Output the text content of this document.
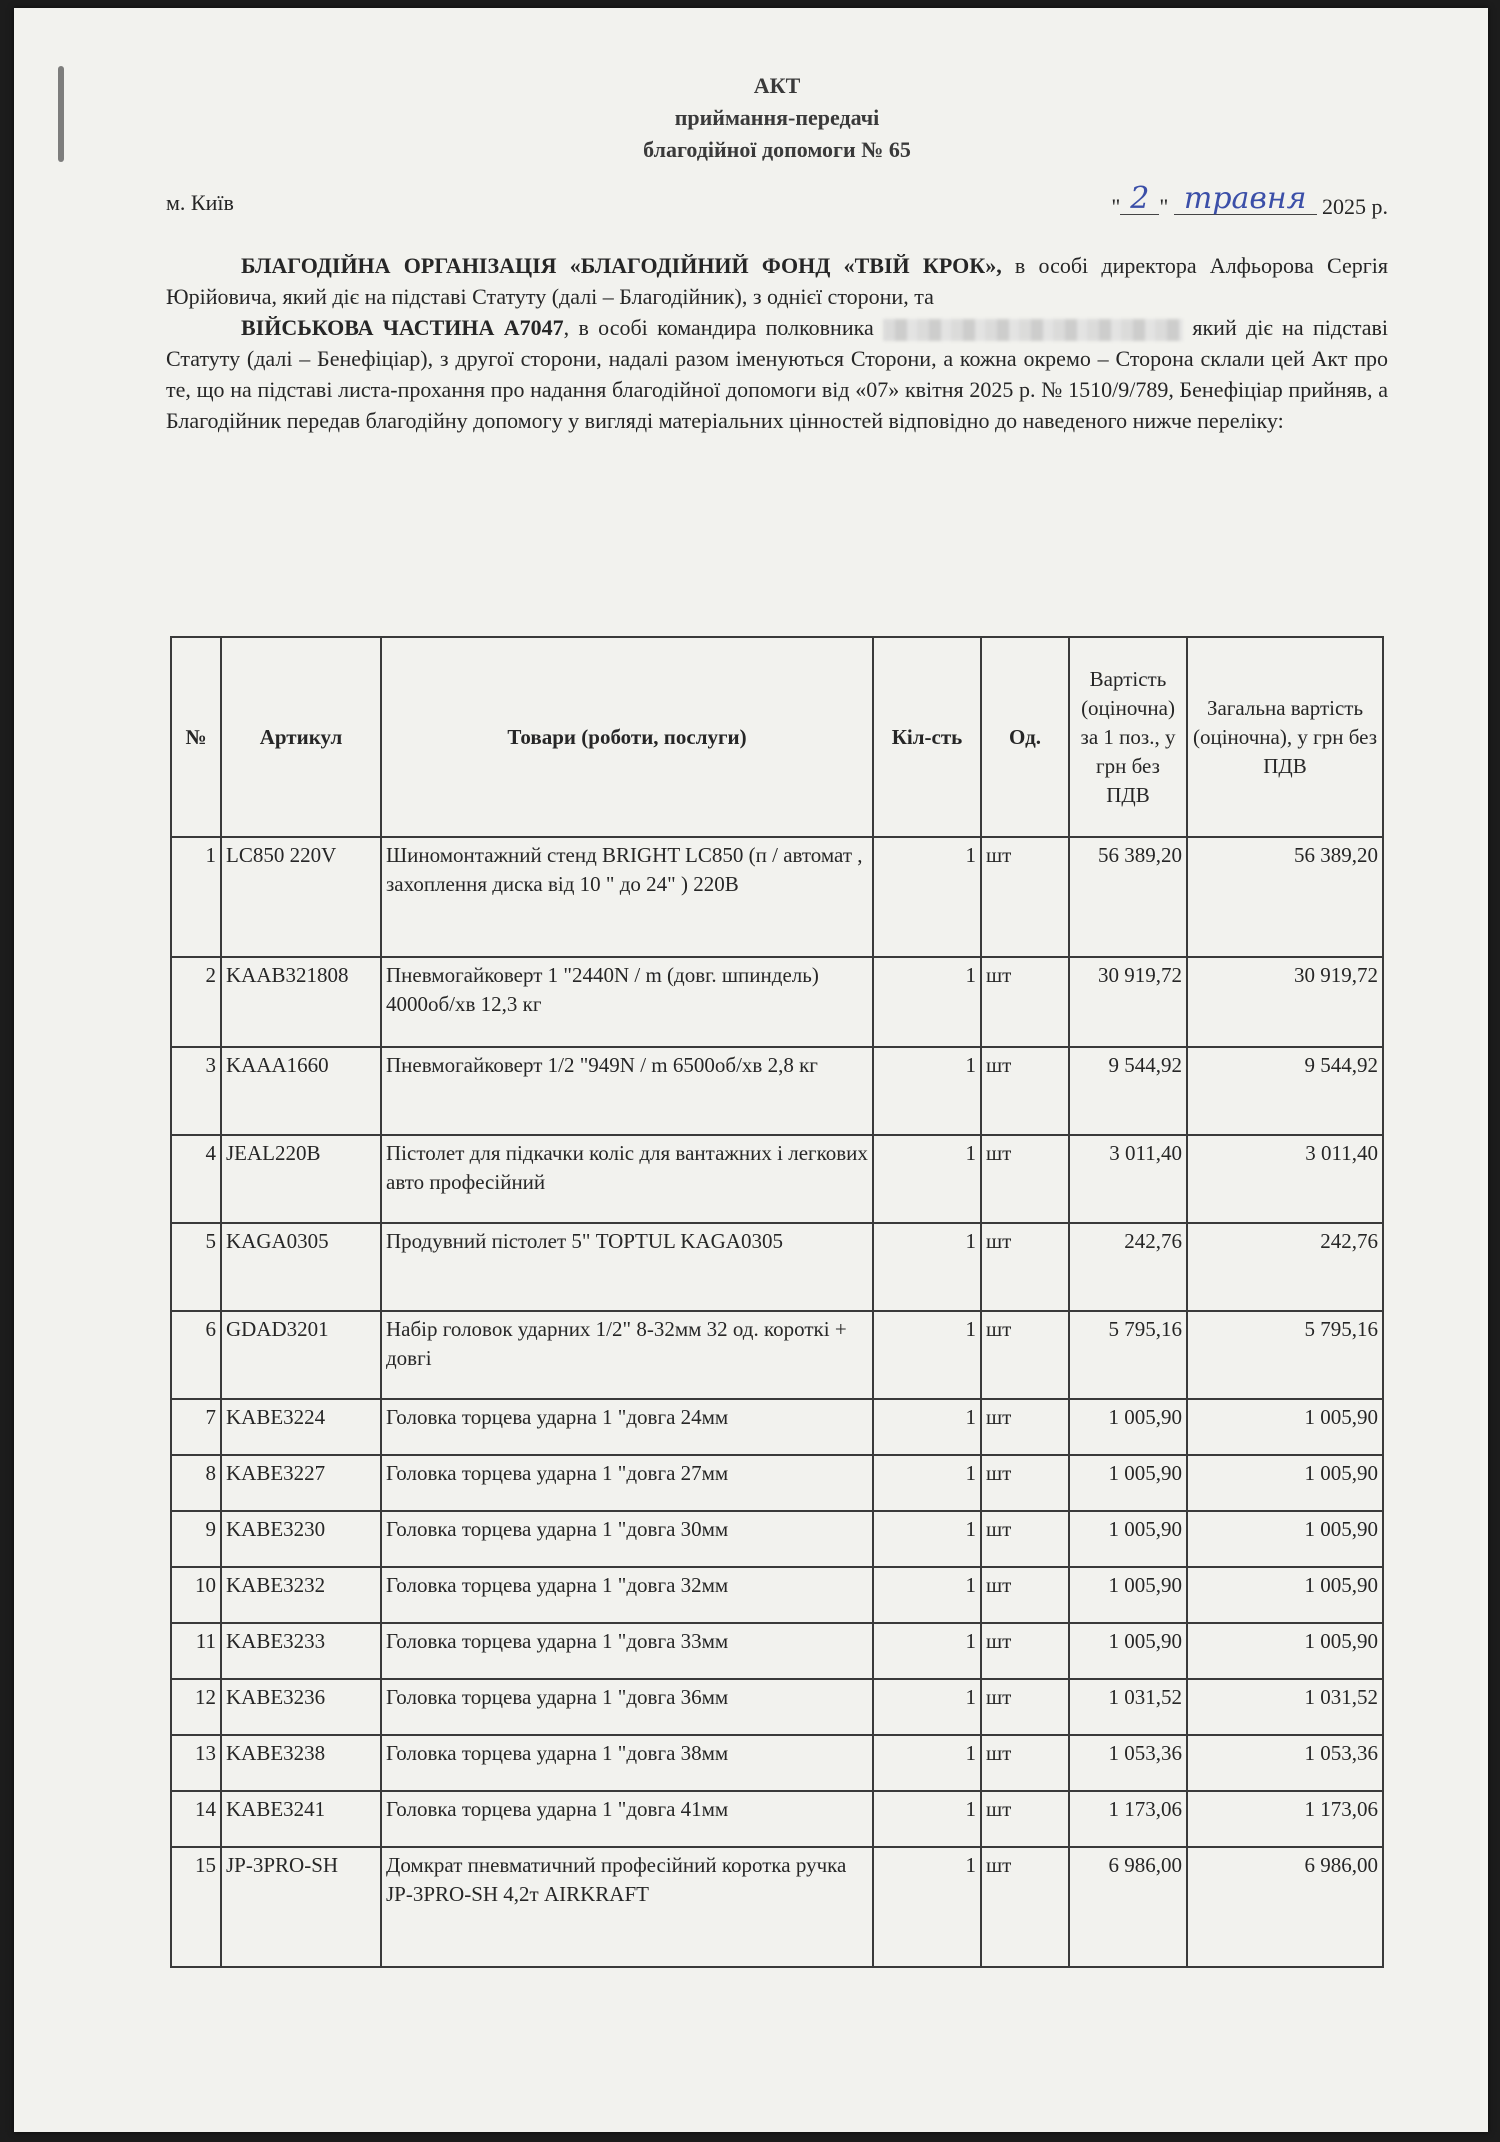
АКТ
приймання-передачі
благодійної допомоги № 65
м. Київ	" 2 " травня 2025 р.

БЛАГОДІЙНА ОРГАНІЗАЦІЯ «БЛАГОДІЙНИЙ ФОНД «ТВІЙ КРОК», в особі директора Алфьорова Сергія Юрійовича, який діє на підставі Статуту (далі – Благодійник), з однієї сторони, та

ВІЙСЬКОВА ЧАСТИНА А7047, в особі командира полковника	який діє на підставі Статуту (далі – Бенефіціар), з другої сторони, надалі разом іменуються Сторони, а кожна окремо – Сторона склали цей Акт про те, що на підставі листа-прохання про надання благодійної допомоги від «07» квітня 2025 р. № 1510/9/789, Бенефіціар прийняв, а Благодійник передав благодійну допомогу у вигляді матеріальних цінностей відповідно до наведеного нижче переліку:

№	Артикул	Товари (роботи, послуги)	Кіл-сть	Од.	Вартість (оціночна) за 1 поз., у грн без ПДВ	Загальна вартість (оціночна), у грн без ПДВ
1	LC850 220V	Шиномонтажний стенд BRIGHT LC850 (п / автомат , захоплення диска від 10 " до 24" ) 220В	1	шт	56 389,20	56 389,20
2	KAAB321808	Пневмогайковерт 1 "2440N / m (довг. шпиндель) 4000об/хв 12,3 кг	1	шт	30 919,72	30 919,72
3	KAAA1660	Пневмогайковерт 1/2 "949N / m 6500об/хв 2,8 кг	1	шт	9 544,92	9 544,92
4	JEAL220B	Пістолет для підкачки коліс для вантажних і легкових авто професійний	1	шт	3 011,40	3 011,40
5	KAGA0305	Продувний пістолет 5" TOPTUL KAGA0305	1	шт	242,76	242,76
6	GDAD3201	Набір головок ударних 1/2" 8-32мм 32 од. короткі + довгі	1	шт	5 795,16	5 795,16
7	KABE3224	Головка торцева ударна 1 "довга 24мм	1	шт	1 005,90	1 005,90
8	KABE3227	Головка торцева ударна 1 "довга 27мм	1	шт	1 005,90	1 005,90
9	KABE3230	Головка торцева ударна 1 "довга 30мм	1	шт	1 005,90	1 005,90
10	KABE3232	Головка торцева ударна 1 "довга 32мм	1	шт	1 005,90	1 005,90
11	KABE3233	Головка торцева ударна 1 "довга 33мм	1	шт	1 005,90	1 005,90
12	KABE3236	Головка торцева ударна 1 "довга 36мм	1	шт	1 031,52	1 031,52
13	KABE3238	Головка торцева ударна 1 "довга 38мм	1	шт	1 053,36	1 053,36
14	KABE3241	Головка торцева ударна 1 "довга 41мм	1	шт	1 173,06	1 173,06
15	JP-3PRO-SH	Домкрат пневматичний професійний коротка ручка JP-3PRO-SH 4,2т AIRKRAFT	1	шт	6 986,00	6 986,00
